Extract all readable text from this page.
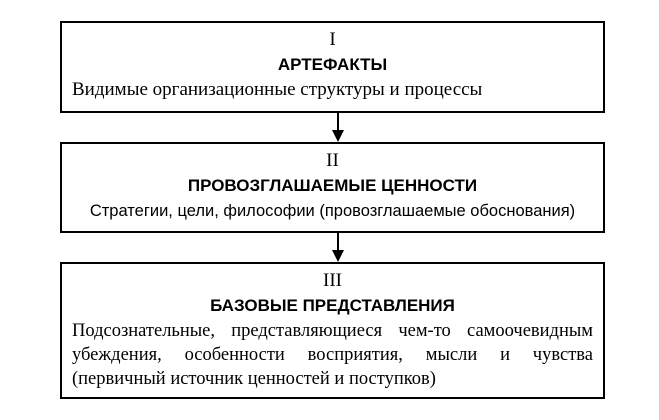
I
АРТЕФАКТЫ
Видимые организационные структуры и процессы
II
ПРОВОЗГЛАШАЕМЫЕ ЦЕННОСТИ
Стратегии, цели, философии (провозглашаемые обоснования)
III
БАЗОВЫЕ ПРЕДСТАВЛЕНИЯ
Подсознательные, представляющиеся чем-то самоочевидным убеждения, особенности восприятия, мысли и чувства (первичный источник ценностей и поступков)
